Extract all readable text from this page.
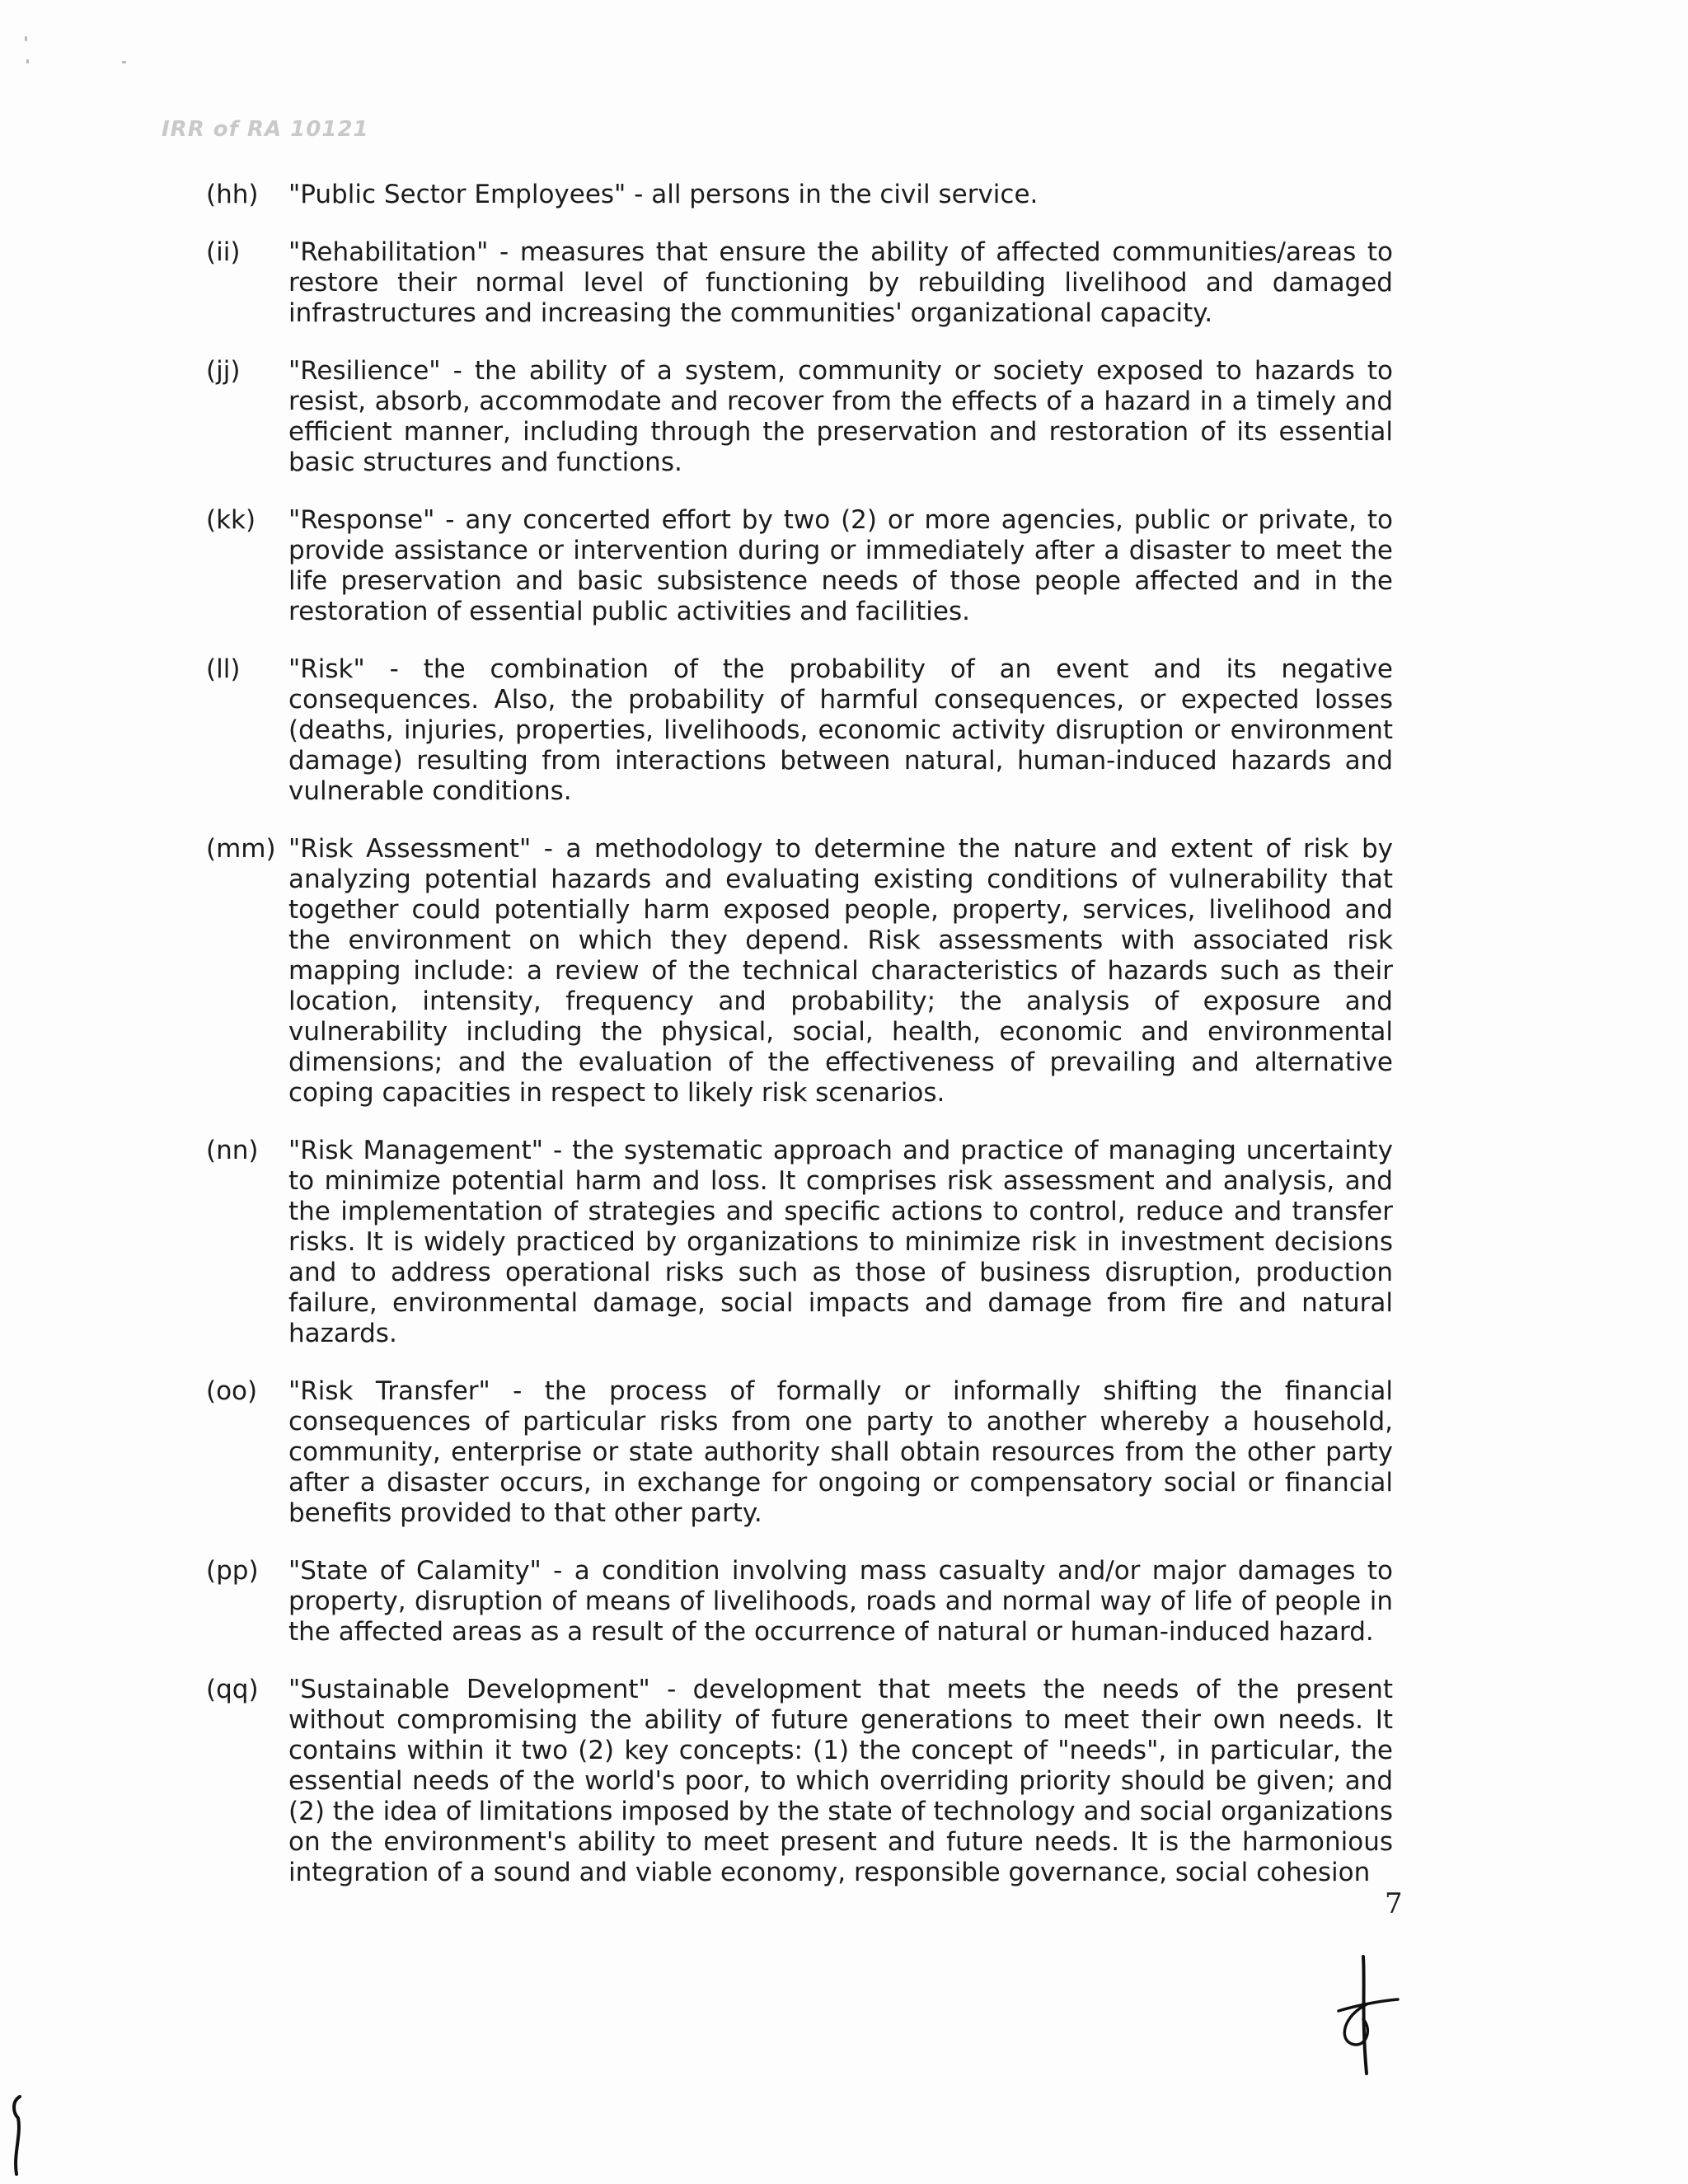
IRR of RA 10121
(hh)	"Public Sector Employees" - all persons in the civil service.
(ii)	"Rehabilitation" - measures that ensure the ability of affected communities/areas to restore their normal level of functioning by rebuilding livelihood and damaged infrastructures and increasing the communities' organizational capacity.
(jj)	"Resilience" - the ability of a system, community or society exposed to hazards to resist, absorb, accommodate and recover from the effects of a hazard in a timely and efficient manner, including through the preservation and restoration of its essential basic structures and functions.
(kk)	"Response" - any concerted effort by two (2) or more agencies, public or private, to provide assistance or intervention during or immediately after a disaster to meet the life preservation and basic subsistence needs of those people affected and in the restoration of essential public activities and facilities.
(ll)	"Risk" - the combination of the probability of an event and its negative consequences. Also, the probability of harmful consequences, or expected losses (deaths, injuries, properties, livelihoods, economic activity disruption or environment damage) resulting from interactions between natural, human-induced hazards and vulnerable conditions.
(mm) "Risk Assessment" - a methodology to determine the nature and extent of risk by analyzing potential hazards and evaluating existing conditions of vulnerability that together could potentially harm exposed people, property, services, livelihood and the environment on which they depend. Risk assessments with associated risk mapping include: a review of the technical characteristics of hazards such as their location, intensity, frequency and probability; the analysis of exposure and vulnerability including the physical, social, health, economic and environmental dimensions; and the evaluation of the effectiveness of prevailing and alternative coping capacities in respect to likely risk scenarios.
(nn)	"Risk Management" - the systematic approach and practice of managing uncertainty to minimize potential harm and loss. It comprises risk assessment and analysis, and the implementation of strategies and specific actions to control, reduce and transfer risks. It is widely practiced by organizations to minimize risk in investment decisions and to address operational risks such as those of business disruption, production failure, environmental damage, social impacts and damage from fire and natural hazards.
(oo)	"Risk Transfer" - the process of formally or informally shifting the financial consequences of particular risks from one party to another whereby a household, community, enterprise or state authority shall obtain resources from the other party after a disaster occurs, in exchange for ongoing or compensatory social or financial benefits provided to that other party.
(pp)	"State of Calamity" - a condition involving mass casualty and/or major damages to property, disruption of means of livelihoods, roads and normal way of life of people in the affected areas as a result of the occurrence of natural or human-induced hazard.
(qq)	"Sustainable Development" - development that meets the needs of the present without compromising the ability of future generations to meet their own needs. It contains within it two (2) key concepts: (1) the concept of "needs", in particular, the essential needs of the world's poor, to which overriding priority should be given; and (2) the idea of limitations imposed by the state of technology and social organizations on the environment's ability to meet present and future needs. It is the harmonious integration of a sound and viable economy, responsible governance, social cohesion
7
